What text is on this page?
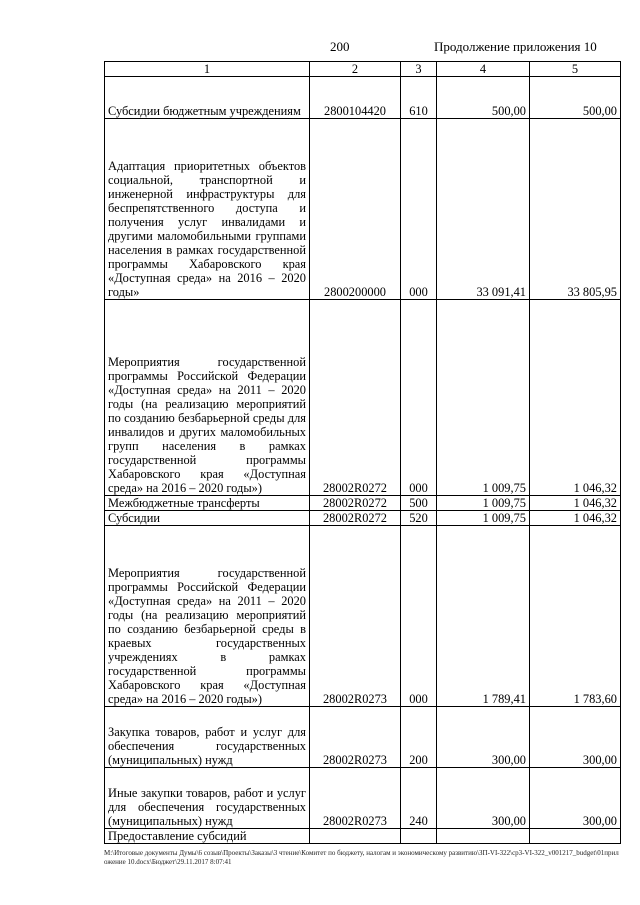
200	Продолжение приложения 10
1	2	3	4	5
Субсидии бюджетным учреждениям	2800104420	610	500,00	500,00
Адаптация приоритетных объектов социальной, транспортной и инженерной инфраструктуры для беспрепятственного доступа и получения услуг инвалидами и другими маломобильными группами населения в рамках государственной программы Хабаровского края «Доступная среда» на 2016 – 2020 годы»	2800200000	000	33 091,41	33 805,95
Мероприятия государственной программы Российской Федерации «Доступная среда» на 2011 – 2020 годы (на реализацию мероприятий по созданию безбарьерной среды для инвалидов и других маломобильных групп населения в рамках государственной программы Хабаровского края «Доступная среда» на 2016 – 2020 годы»)	28002R0272	000	1 009,75	1 046,32
Межбюджетные трансферты	28002R0272	500	1 009,75	1 046,32
Субсидии	28002R0272	520	1 009,75	1 046,32
Мероприятия государственной программы Российской Федерации «Доступная среда» на 2011 – 2020 годы (на реализацию мероприятий по созданию безбарьерной среды в краевых государственных учреждениях в рамках государственной программы Хабаровского края «Доступная среда» на 2016 – 2020 годы»)	28002R0273	000	1 789,41	1 783,60
Закупка товаров, работ и услуг для обеспечения государственных (муниципальных) нужд	28002R0273	200	300,00	300,00
Иные закупки товаров, работ и услуг для обеспечения государственных (муниципальных) нужд	28002R0273	240	300,00	300,00
Предоставление субсидий				
M:\Итоговые документы Думы\6 созыв\Проекты\Заказы\3 чтение\Комитет по бюджету, налогам и экономическому развитию\ЗП-VI-322\ср3-VI-322_v001217_budget\01приложение 10.docx\Бюджет\29.11.2017 8:07:41
